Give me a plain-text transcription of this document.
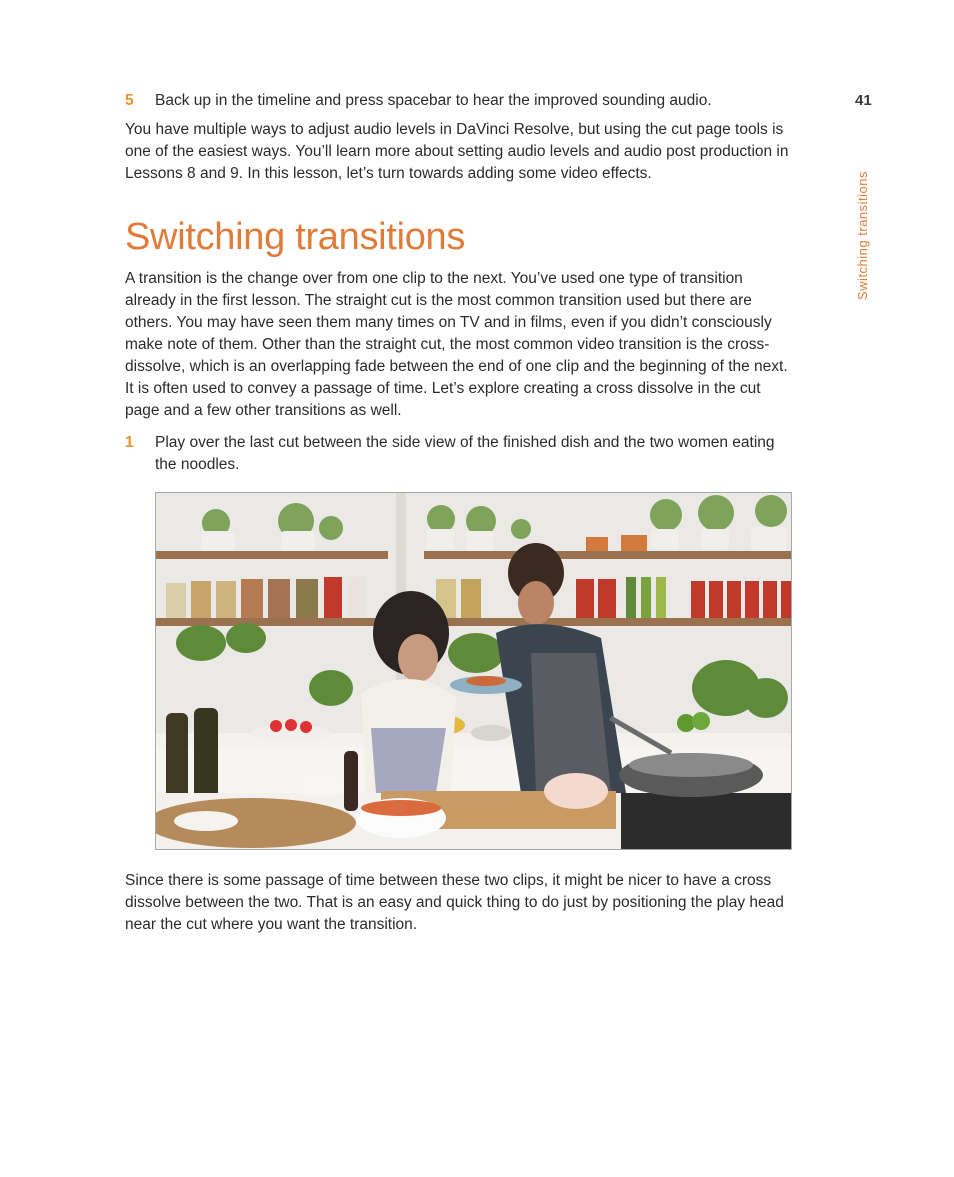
41
Switching transitions
5	Back up in the timeline and press spacebar to hear the improved sounding audio.

You have multiple ways to adjust audio levels in DaVinci Resolve, but using the cut page tools is one of the easiest ways. You’ll learn more about setting audio levels and audio post production in Lessons 8 and 9. In this lesson, let’s turn towards adding some video effects.

Switching transitions

A transition is the change over from one clip to the next. You’ve used one type of transition already in the first lesson. The straight cut is the most common transition used but there are others. You may have seen them many times on TV and in films, even if you didn’t consciously make note of them. Other than the straight cut, the most common video transition is the cross-dissolve, which is an overlapping fade between the end of one clip and the beginning of the next. It is often used to convey a passage of time. Let’s explore creating a cross dissolve in the cut page and a few other transitions as well.

1	Play over the last cut between the side view of the finished dish and the two women eating the noodles.

Since there is some passage of time between these two clips, it might be nicer to have a cross dissolve between the two. That is an easy and quick thing to do just by positioning the play head near the cut where you want the transition.
